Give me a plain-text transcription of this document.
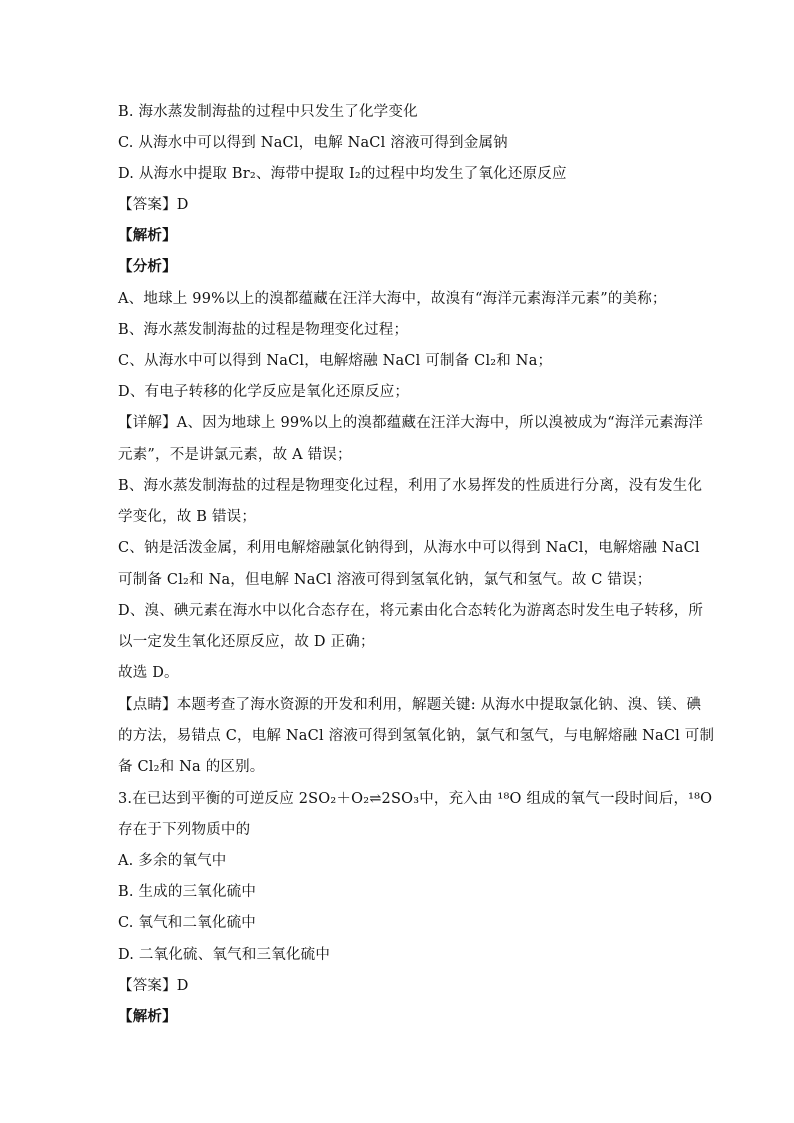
B. 海水蒸发制海盐的过程中只发生了化学变化
C. 从海水中可以得到 NaCl，电解 NaCl 溶液可得到金属钠
D. 从海水中提取 Br₂、海带中提取 I₂的过程中均发生了氧化还原反应
【答案】D
【解析】
【分析】
A、地球上 99%以上的溴都蕴藏在汪洋大海中，故溴有“海洋元素海洋元素”的美称；
B、海水蒸发制海盐的过程是物理变化过程；
C、从海水中可以得到 NaCl，电解熔融 NaCl 可制备 Cl₂和 Na；
D、有电子转移的化学反应是氧化还原反应；
【详解】A、因为地球上 99%以上的溴都蕴藏在汪洋大海中，所以溴被成为“海洋元素海洋
元素”，不是讲氯元素，故 A 错误；
B、海水蒸发制海盐的过程是物理变化过程，利用了水易挥发的性质进行分离，没有发生化
学变化，故 B 错误；
C、钠是活泼金属，利用电解熔融氯化钠得到，从海水中可以得到 NaCl，电解熔融 NaCl
可制备 Cl₂和 Na，但电解 NaCl 溶液可得到氢氧化钠，氯气和氢气。故 C 错误；
D、溴、碘元素在海水中以化合态存在，将元素由化合态转化为游离态时发生电子转移，所
以一定发生氧化还原反应，故 D 正确；
故选 D。
【点睛】本题考查了海水资源的开发和利用，解题关键: 从海水中提取氯化钠、溴、镁、碘
的方法，易错点 C，电解 NaCl 溶液可得到氢氧化钠，氯气和氢气，与电解熔融 NaCl 可制
备 Cl₂和 Na 的区别。
3.在已达到平衡的可逆反应 2SO₂＋O₂⇌2SO₃中，充入由 ¹⁸O 组成的氧气一段时间后，¹⁸O
存在于下列物质中的
A. 多余的氧气中
B. 生成的三氧化硫中
C. 氧气和二氧化硫中
D. 二氧化硫、氧气和三氧化硫中
【答案】D
【解析】
